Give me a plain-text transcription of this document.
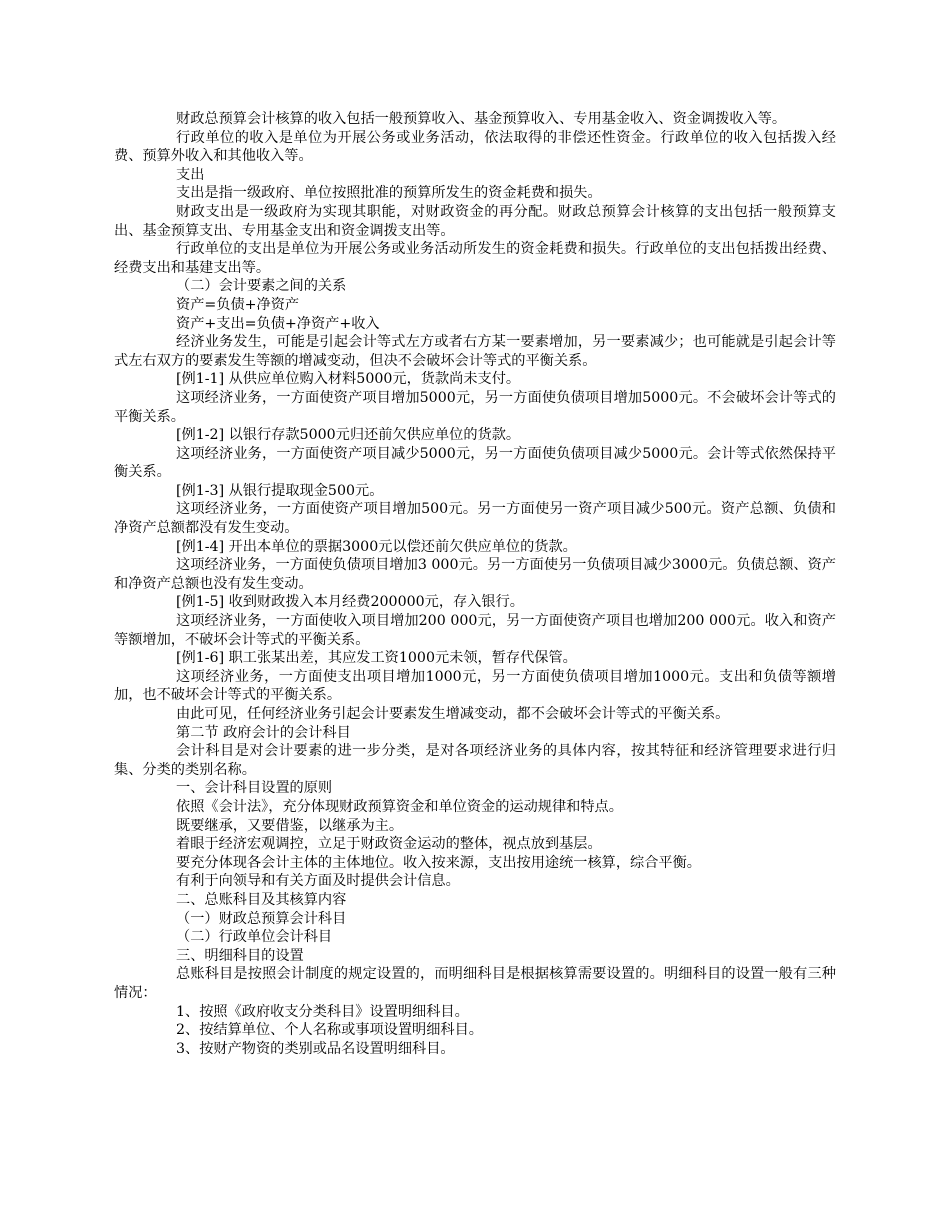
财政总预算会计核算的收入包括一般预算收入、基金预算收入、专用基金收入、资金调拨收入等。

行政单位的收入是单位为开展公务或业务活动，依法取得的非偿还性资金。行政单位的收入包括拨入经费、预算外收入和其他收入等。

支出

支出是指一级政府、单位按照批准的预算所发生的资金耗费和损失。

财政支出是一级政府为实现其职能，对财政资金的再分配。财政总预算会计核算的支出包括一般预算支出、基金预算支出、专用基金支出和资金调拨支出等。

行政单位的支出是单位为开展公务或业务活动所发生的资金耗费和损失。行政单位的支出包括拨出经费、经费支出和基建支出等。

（二）会计要素之间的关系

资产=负债+净资产

资产+支出=负债+净资产+收入

经济业务发生，可能是引起会计等式左方或者右方某一要素增加，另一要素减少；也可能就是引起会计等式左右双方的要素发生等额的增减变动，但决不会破坏会计等式的平衡关系。

[例1-1] 从供应单位购入材料5000元，货款尚未支付。

这项经济业务，一方面使资产项目增加5000元，另一方面使负债项目增加5000元。不会破坏会计等式的平衡关系。

[例1-2] 以银行存款5000元归还前欠供应单位的货款。

这项经济业务，一方面使资产项目减少5000元，另一方面使负债项目减少5000元。会计等式依然保持平衡关系。

[例1-3] 从银行提取现金500元。

这项经济业务，一方面使资产项目增加500元。另一方面使另一资产项目减少500元。资产总额、负债和净资产总额都没有发生变动。

[例1-4] 开出本单位的票据3000元以偿还前欠供应单位的货款。

这项经济业务，一方面使负债项目增加3 000元。另一方面使另一负债项目减少3000元。负债总额、资产和净资产总额也没有发生变动。

[例1-5] 收到财政拨入本月经费200000元，存入银行。

这项经济业务，一方面使收入项目增加200 000元，另一方面使资产项目也增加200 000元。收入和资产等额增加，不破坏会计等式的平衡关系。

[例1-6] 职工张某出差，其应发工资1000元未领，暂存代保管。

这项经济业务，一方面使支出项目增加1000元，另一方面使负债项目增加1000元。支出和负债等额增加，也不破坏会计等式的平衡关系。

由此可见，任何经济业务引起会计要素发生增减变动，都不会破坏会计等式的平衡关系。

第二节 政府会计的会计科目

会计科目是对会计要素的进一步分类，是对各项经济业务的具体内容，按其特征和经济管理要求进行归集、分类的类别名称。

一、会计科目设置的原则

依照《会计法》，充分体现财政预算资金和单位资金的运动规律和特点。

既要继承，又要借鉴，以继承为主。

着眼于经济宏观调控，立足于财政资金运动的整体，视点放到基层。

要充分体现各会计主体的主体地位。收入按来源，支出按用途统一核算，综合平衡。

有利于向领导和有关方面及时提供会计信息。

二、总账科目及其核算内容

（一）财政总预算会计科目

（二）行政单位会计科目

三、明细科目的设置

总账科目是按照会计制度的规定设置的，而明细科目是根据核算需要设置的。明细科目的设置一般有三种情况：

1、按照《政府收支分类科目》设置明细科目。

2、按结算单位、个人名称或事项设置明细科目。

3、按财产物资的类别或品名设置明细科目。
